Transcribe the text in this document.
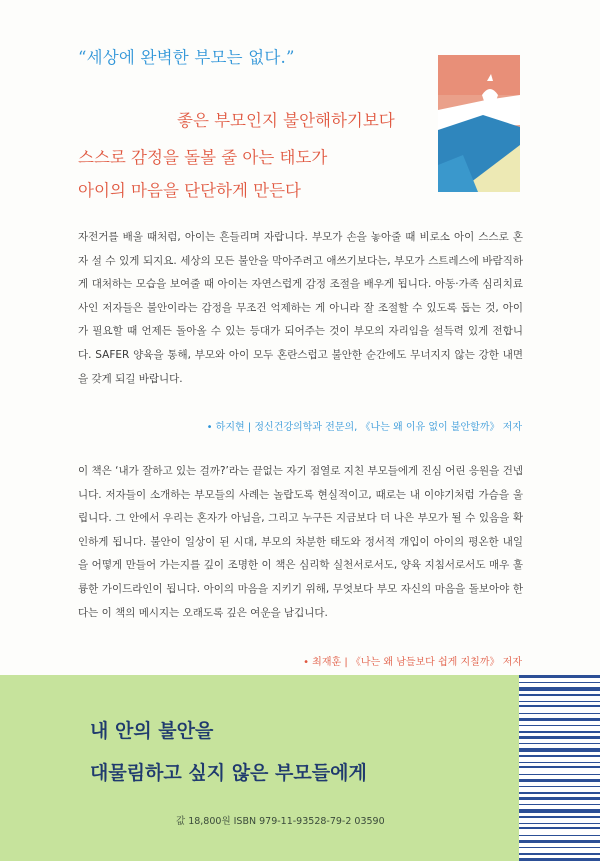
“세상에 완벽한 부모는 없다.”
좋은 부모인지 불안해하기보다
스스로 감정을 돌볼 줄 아는 태도가
아이의 마음을 단단하게 만든다

자전거를 배울 때처럼, 아이는 흔들리며 자랍니다. 부모가 손을 놓아줄 때 비로소 아이 스스로 혼자 설 수 있게 되지요. 세상의 모든 불안을 막아주려고 애쓰기보다는, 부모가 스트레스에 바람직하게 대처하는 모습을 보여줄 때 아이는 자연스럽게 감정 조절을 배우게 됩니다. 아동·가족 심리치료사인 저자들은 불안이라는 감정을 무조건 억제하는 게 아니라 잘 조절할 수 있도록 돕는 것, 아이가 필요할 때 언제든 돌아올 수 있는 등대가 되어주는 것이 부모의 자리임을 설득력 있게 전합니다. SAFER 양육을 통해, 부모와 아이 모두 혼란스럽고 불안한 순간에도 무너지지 않는 강한 내면을 갖게 되길 바랍니다.

• 하지현 | 정신건강의학과 전문의, 《나는 왜 이유 없이 불안할까》 저자

이 책은 ‘내가 잘하고 있는 걸까?’라는 끝없는 자기 점열로 지친 부모들에게 진심 어린 응원을 건넵니다. 저자들이 소개하는 부모들의 사례는 놀랍도록 현실적이고, 때로는 내 이야기처럼 가슴을 울립니다. 그 안에서 우리는 혼자가 아님을, 그리고 누구든 지금보다 더 나은 부모가 될 수 있음을 확인하게 됩니다. 불안이 일상이 된 시대, 부모의 차분한 태도와 정서적 개입이 아이의 평온한 내일을 어떻게 만들어 가는지를 깊이 조명한 이 책은 심리학 실천서로서도, 양육 지침서로서도 매우 훌륭한 가이드라인이 됩니다. 아이의 마음을 지키기 위해, 무엇보다 부모 자신의 마음을 돌보아야 한다는 이 책의 메시지는 오래도록 깊은 여운을 남깁니다.

• 최재훈 | 《나는 왜 남들보다 쉽게 지칠까》 저자
내 안의 불안을
대물림하고 싶지 않은 부모들에게
값 18,800원 ISBN 979-11-93528-79-2 03590
